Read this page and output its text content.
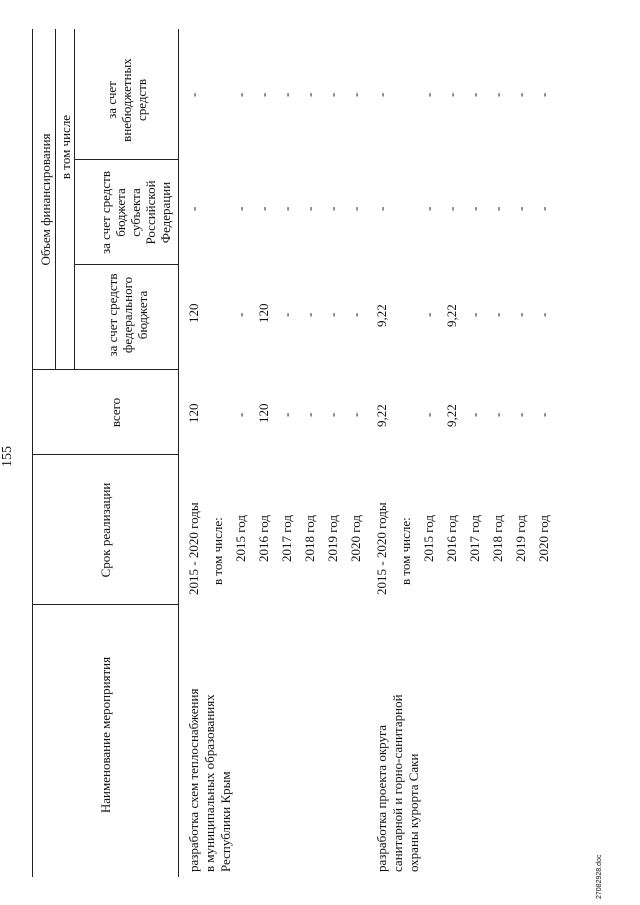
155
Наименование мероприятия
Срок реализации
Объем финансирования
всего
в том числе
за счет средств федерального бюджета
за счет средств бюджета субъекта Российской Федерации
за счет внебюджетных средств
разработка схем теплоснабжения в муниципальных образованиях Республики Крым
2015 - 2020 годы
120
120
-
-
в том числе: 2015 год
-
-
-
-
2016 год
120
120
-
-
2017 год
-
-
-
-
2018 год
-
-
-
-
2019 год
-
-
-
-
2020 год
-
-
-
-
разработка проекта округа санитарной и горно-санитарной охраны курорта Саки
2015 - 2020 годы
9,22
9,22
-
-
в том числе: 2015 год
-
-
-
-
2016 год
9,22
9,22
-
-
2017 год
-
-
-
-
2018 год
-
-
-
-
2019 год
-
-
-
-
2020 год
-
-
-
-
27082928.doc
